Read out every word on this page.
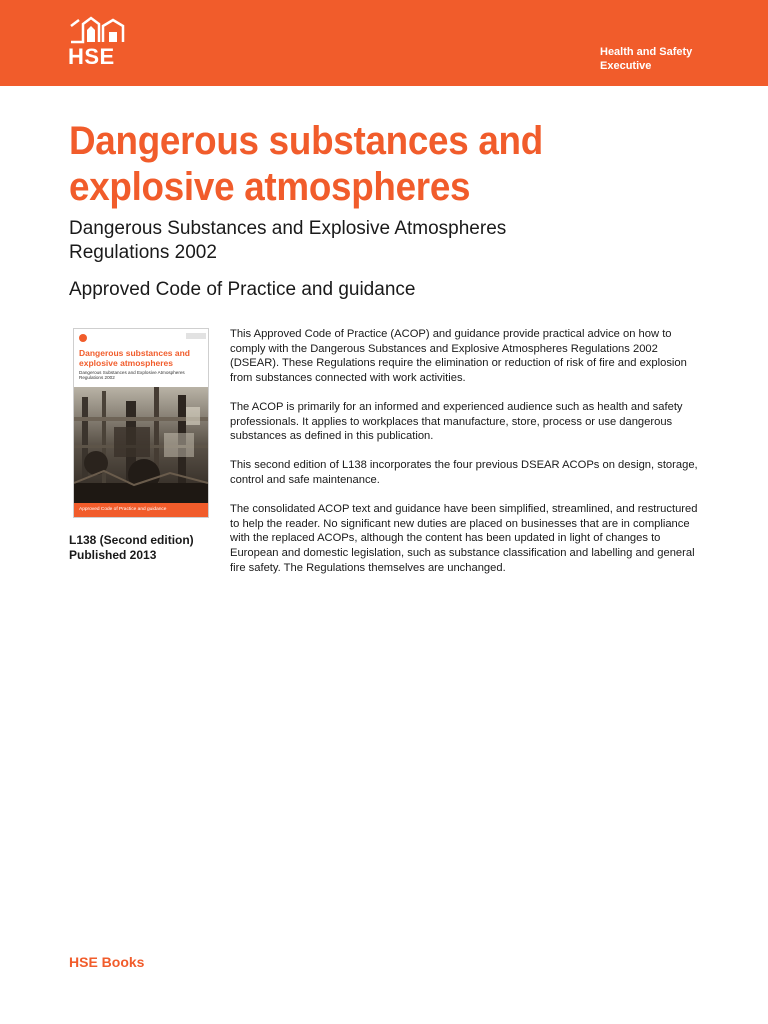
HSE	Health and Safety
Executive
Dangerous substances and
explosive atmospheres
Dangerous Substances and Explosive Atmospheres
Regulations 2002
Approved Code of Practice and guidance
Dangerous substances and
explosive atmospheres
Dangerous Substances and Explosive Atmospheres
Regulations 2002
Approved Code of Practice and guidance
L138 (Second edition)
Published 2013

This Approved Code of Practice (ACOP) and guidance provide practical advice on how to comply with the Dangerous Substances and Explosive Atmospheres Regulations 2002 (DSEAR). These Regulations require the elimination or reduction of risk of fire and explosion from substances connected with work activities.

The ACOP is primarily for an informed and experienced audience such as health and safety professionals. It applies to workplaces that manufacture, store, process or use dangerous substances as defined in this publication.

This second edition of L138 incorporates the four previous DSEAR ACOPs on design, storage, control and safe maintenance.

The consolidated ACOP text and guidance have been simplified, streamlined, and restructured to help the reader. No significant new duties are placed on businesses that are in compliance with the replaced ACOPs, although the content has been updated in light of changes to European and domestic legislation, such as substance classification and labelling and general fire safety. The Regulations themselves are unchanged.

HSE Books
